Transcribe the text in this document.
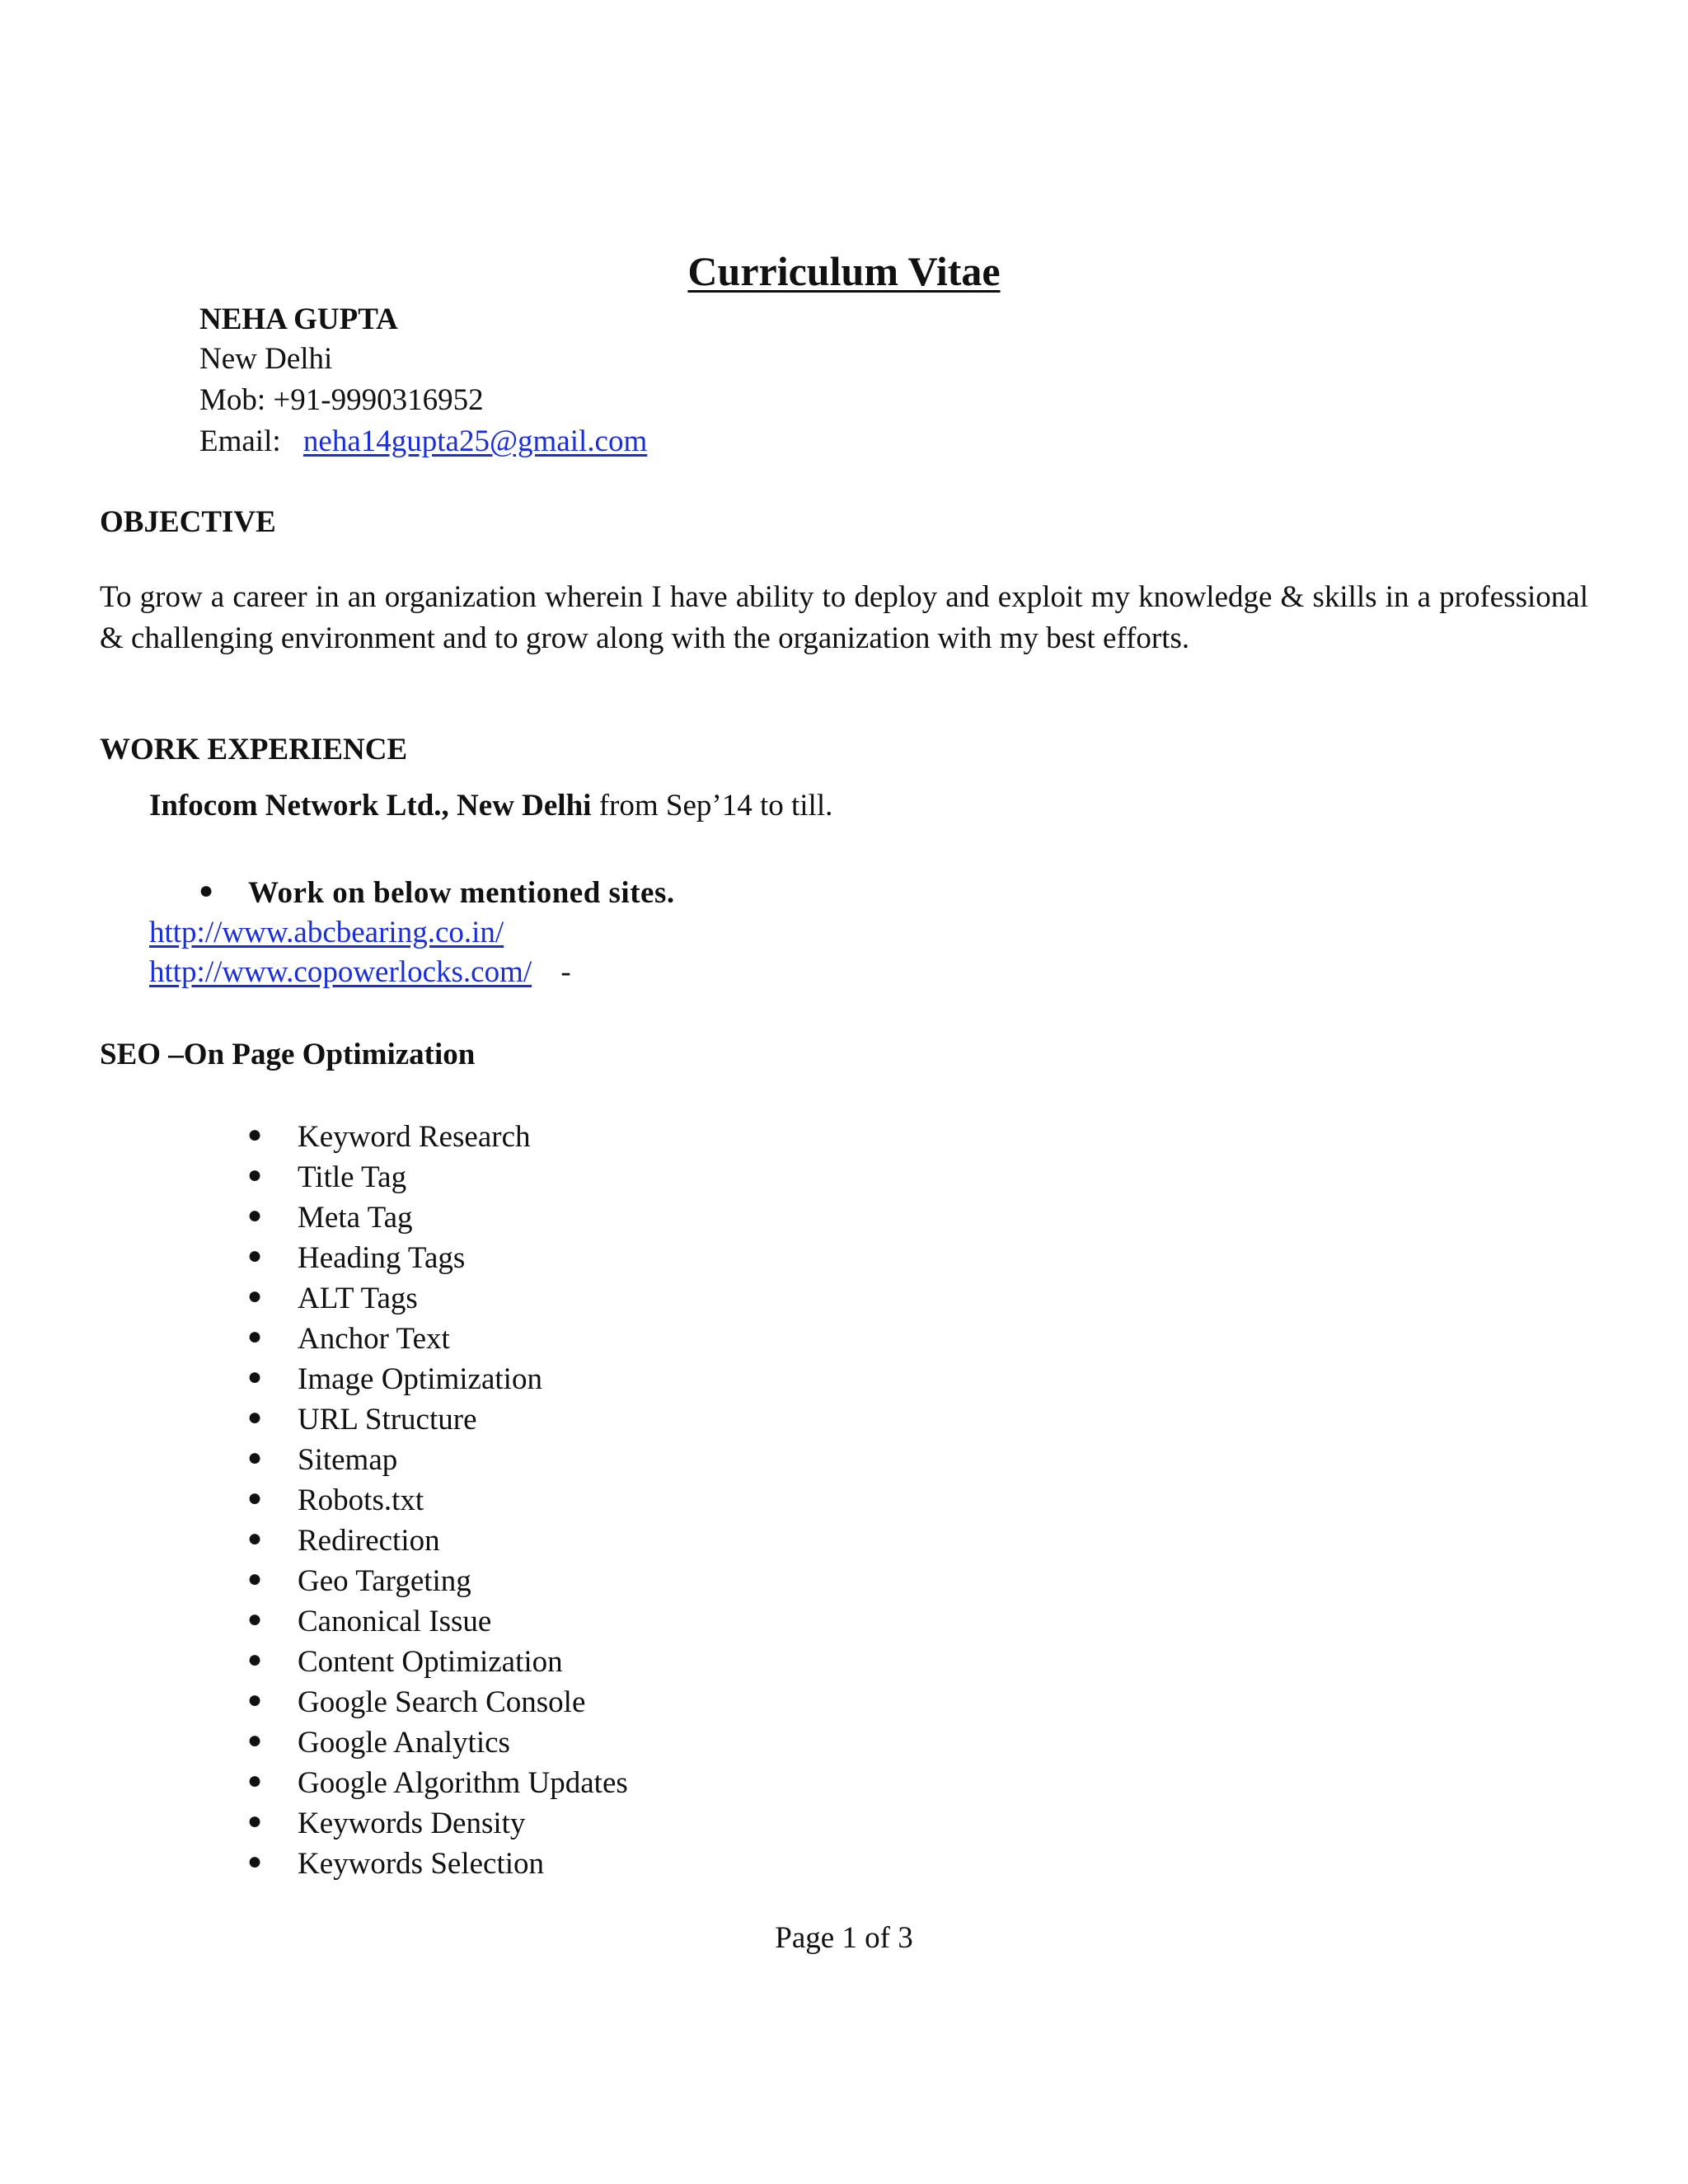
Curriculum Vitae
NEHA GUPTA
New Delhi
Mob: +91-9990316952
Email: neha14gupta25@gmail.com
OBJECTIVE
To grow a career in an organization wherein I have ability to deploy and exploit my knowledge & skills in a professional & challenging environment and to grow along with the organization with my best efforts.
WORK EXPERIENCE
Infocom Network Ltd., New Delhi from Sep’14 to till.
● Work on below mentioned sites.
http://www.abcbearing.co.in/
http://www.copowerlocks.com/ -
SEO –On Page Optimization
● Keyword Research
● Title Tag
● Meta Tag
● Heading Tags
● ALT Tags
● Anchor Text
● Image Optimization
● URL Structure
● Sitemap
● Robots.txt
● Redirection
● Geo Targeting
● Canonical Issue
● Content Optimization
● Google Search Console
● Google Analytics
● Google Algorithm Updates
● Keywords Density
● Keywords Selection
Page 1 of 3
